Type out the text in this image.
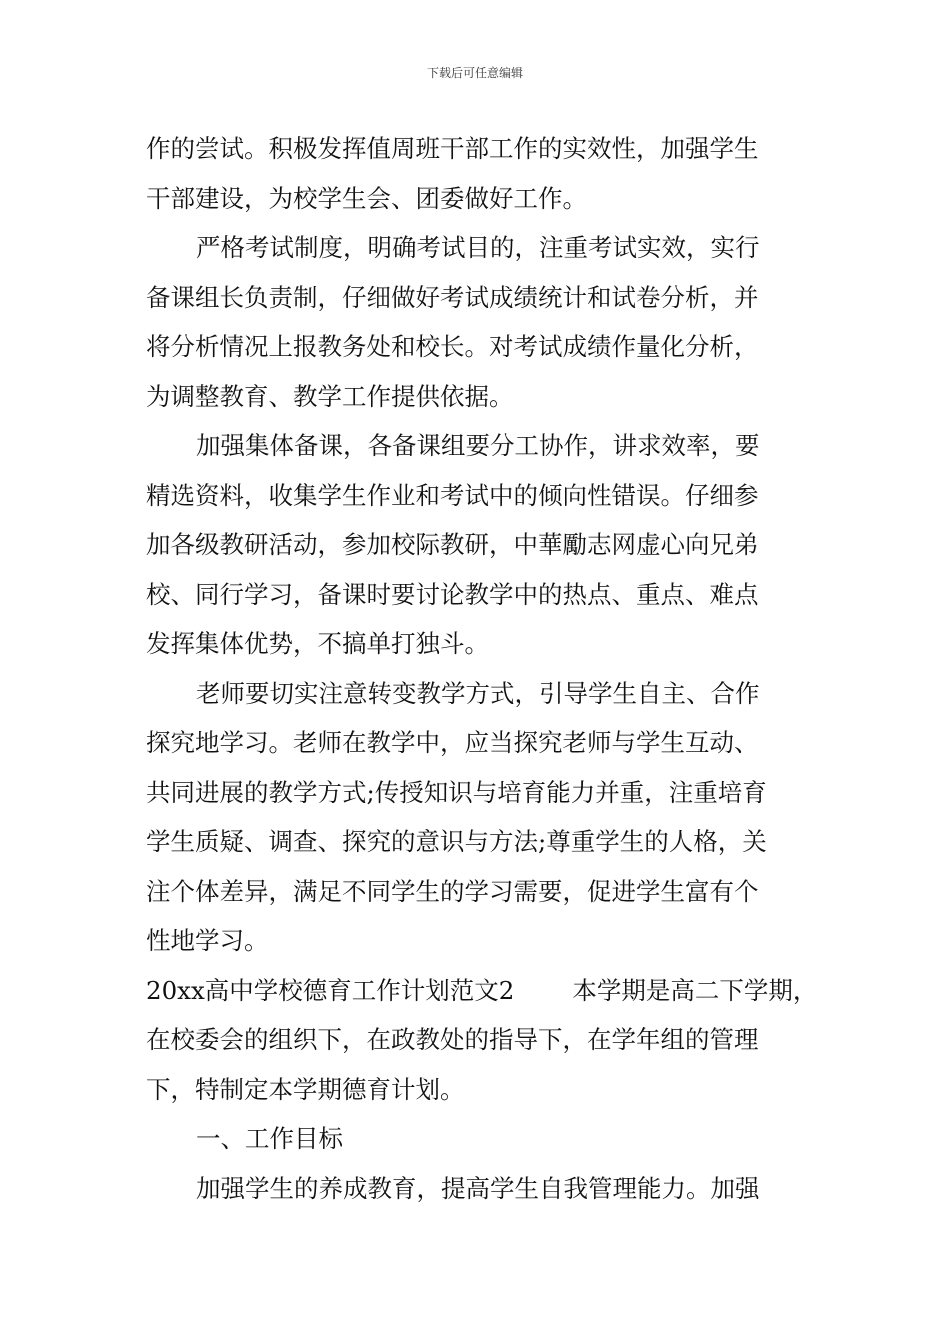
下载后可任意编辑
作的尝试。积极发挥值周班干部工作的实效性，加强学生
干部建设，为校学生会、团委做好工作。
严格考试制度，明确考试目的，注重考试实效，实行
备课组长负责制，仔细做好考试成绩统计和试卷分析，并
将分析情况上报教务处和校长。对考试成绩作量化分析，
为调整教育、教学工作提供依据。
加强集体备课，各备课组要分工协作，讲求效率，要
精选资料，收集学生作业和考试中的倾向性错误。仔细参
加各级教研活动，参加校际教研，中華勵志网虚心向兄弟
校、同行学习，备课时要讨论教学中的热点、重点、难点
发挥集体优势，不搞单打独斗。
老师要切实注意转变教学方式，引导学生自主、合作
探究地学习。老师在教学中，应当探究老师与学生互动、
共同进展的教学方式;传授知识与培育能力并重，注重培育
学生质疑、调查、探究的意识与方法;尊重学生的人格，关
注个体差异，满足不同学生的学习需要，促进学生富有个
性地学习。
20xx高中学校德育工作计划范文2 本学期是高二下学期，
在校委会的组织下，在政教处的指导下，在学年组的管理
下，特制定本学期德育计划。
一、工作目标
加强学生的养成教育，提高学生自我管理能力。加强
